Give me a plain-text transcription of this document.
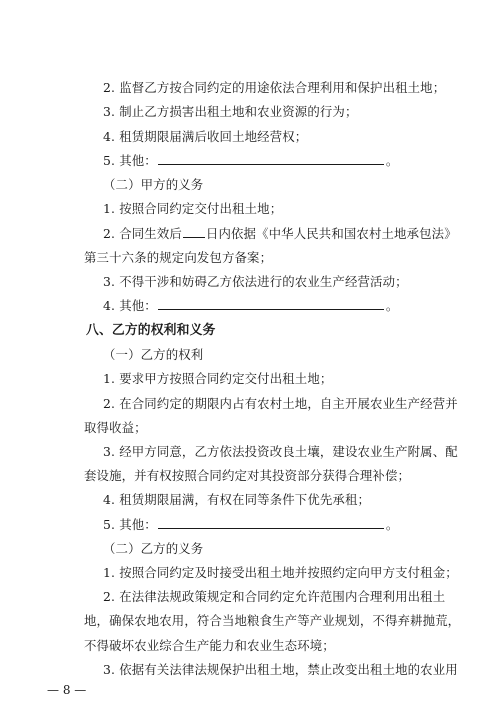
2. 监督乙方按合同约定的用途依法合理利用和保护出租土地；
3. 制止乙方损害出租土地和农业资源的行为；
4. 租赁期限届满后收回土地经营权；
5. 其他：	。
（二）甲方的义务
1. 按照合同约定交付出租土地；
2. 合同生效后 日内依据《中华人民共和国农村土地承包法》
第三十六条的规定向发包方备案；
3. 不得干涉和妨碍乙方依法进行的农业生产经营活动；
4. 其他：	。
八、乙方的权利和义务
（一）乙方的权利
1. 要求甲方按照合同约定交付出租土地；
2. 在合同约定的期限内占有农村土地，自主开展农业生产经营并
取得收益；
3. 经甲方同意，乙方依法投资改良土壤，建设农业生产附属、配
套设施，并有权按照合同约定对其投资部分获得合理补偿；
4. 租赁期限届满，有权在同等条件下优先承租；
5. 其他：	。
（二）乙方的义务
1. 按照合同约定及时接受出租土地并按照约定向甲方支付租金；
2. 在法律法规政策规定和合同约定允许范围内合理利用出租土
地，确保农地农用，符合当地粮食生产等产业规划，不得弃耕抛荒，
不得破坏农业综合生产能力和农业生态环境；
3. 依据有关法律法规保护出租土地，禁止改变出租土地的农业用
— 8 —
